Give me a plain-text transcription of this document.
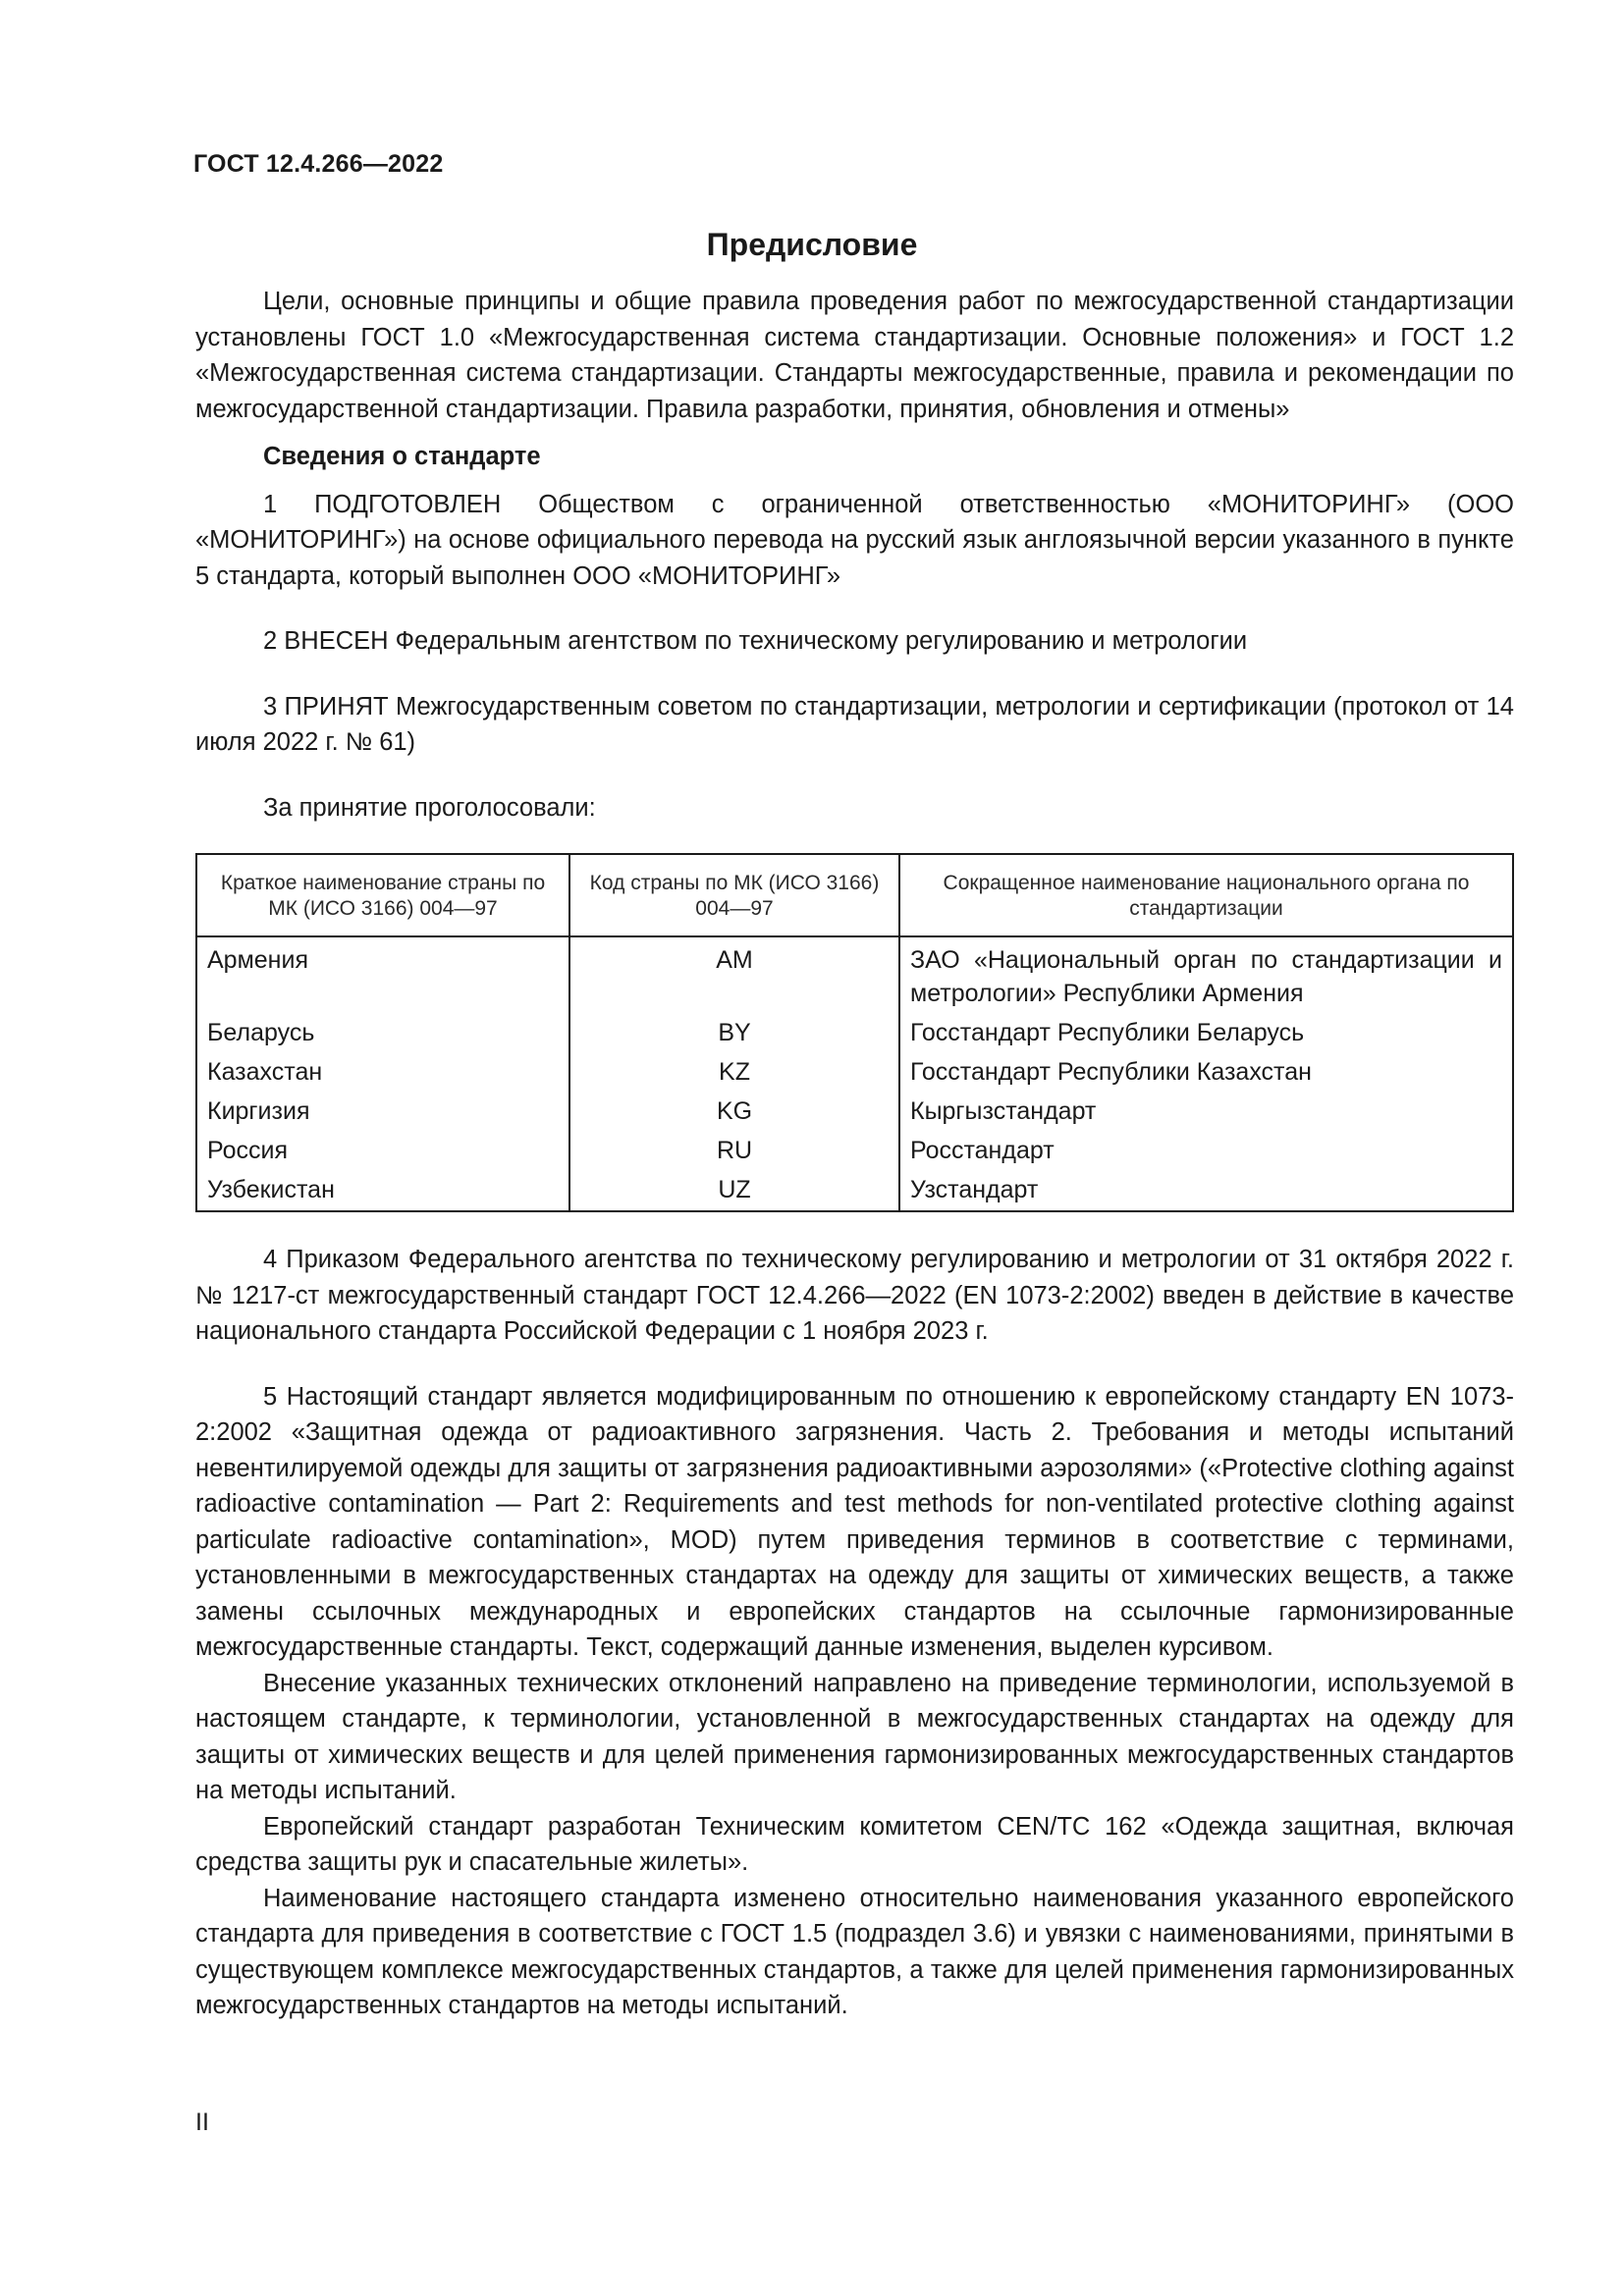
ГОСТ 12.4.266—2022
Предисловие

Цели, основные принципы и общие правила проведения работ по межгосударственной стандартизации установлены ГОСТ 1.0 «Межгосударственная система стандартизации. Основные положения» и ГОСТ 1.2 «Межгосударственная система стандартизации. Стандарты межгосударственные, правила и рекомендации по межгосударственной стандартизации. Правила разработки, принятия, обновления и отмены»

Сведения о стандарте

1 ПОДГОТОВЛЕН Обществом с ограниченной ответственностью «МОНИТОРИНГ» (ООО «МОНИТОРИНГ») на основе официального перевода на русский язык англоязычной версии указанного в пункте 5 стандарта, который выполнен ООО «МОНИТОРИНГ»

2 ВНЕСЕН Федеральным агентством по техническому регулированию и метрологии

3 ПРИНЯТ Межгосударственным советом по стандартизации, метрологии и сертификации (протокол от 14 июля 2022 г. № 61)

За принятие проголосовали:

Краткое наименование страны по МК (ИСО 3166) 004—97	Код страны по МК (ИСО 3166) 004—97	Сокращенное наименование национального органа по стандартизации
Армения	AM	ЗАО «Национальный орган по стандартизации и метрологии» Республики Армения
Беларусь	BY	Госстандарт Республики Беларусь
Казахстан	KZ	Госстандарт Республики Казахстан
Киргизия	KG	Кыргызстандарт
Россия	RU	Росстандарт
Узбекистан	UZ	Узстандарт

4 Приказом Федерального агентства по техническому регулированию и метрологии от 31 октября 2022 г. № 1217-ст межгосударственный стандарт ГОСТ 12.4.266—2022 (EN 1073-2:2002) введен в действие в качестве национального стандарта Российской Федерации с 1 ноября 2023 г.

5 Настоящий стандарт является модифицированным по отношению к европейскому стандарту EN 1073-2:2002 «Защитная одежда от радиоактивного загрязнения. Часть 2. Требования и методы испытаний невентилируемой одежды для защиты от загрязнения радиоактивными аэрозолями» («Protective clothing against radioactive contamination — Part 2: Requirements and test methods for non-ventilated protective clothing against particulate radioactive contamination», MOD) путем приведения терминов в соответствие с терминами, установленными в межгосударственных стандартах на одежду для защиты от химических веществ, а также замены ссылочных международных и европейских стандартов на ссылочные гармонизированные межгосударственные стандарты. Текст, содержащий данные изменения, выделен курсивом.

Внесение указанных технических отклонений направлено на приведение терминологии, используемой в настоящем стандарте, к терминологии, установленной в межгосударственных стандартах на одежду для защиты от химических веществ и для целей применения гармонизированных межгосударственных стандартов на методы испытаний.

Европейский стандарт разработан Техническим комитетом CEN/TC 162 «Одежда защитная, включая средства защиты рук и спасательные жилеты».

Наименование настоящего стандарта изменено относительно наименования указанного европейского стандарта для приведения в соответствие с ГОСТ 1.5 (подраздел 3.6) и увязки с наименованиями, принятыми в существующем комплексе межгосударственных стандартов, а также для целей применения гармонизированных межгосударственных стандартов на методы испытаний.

II
